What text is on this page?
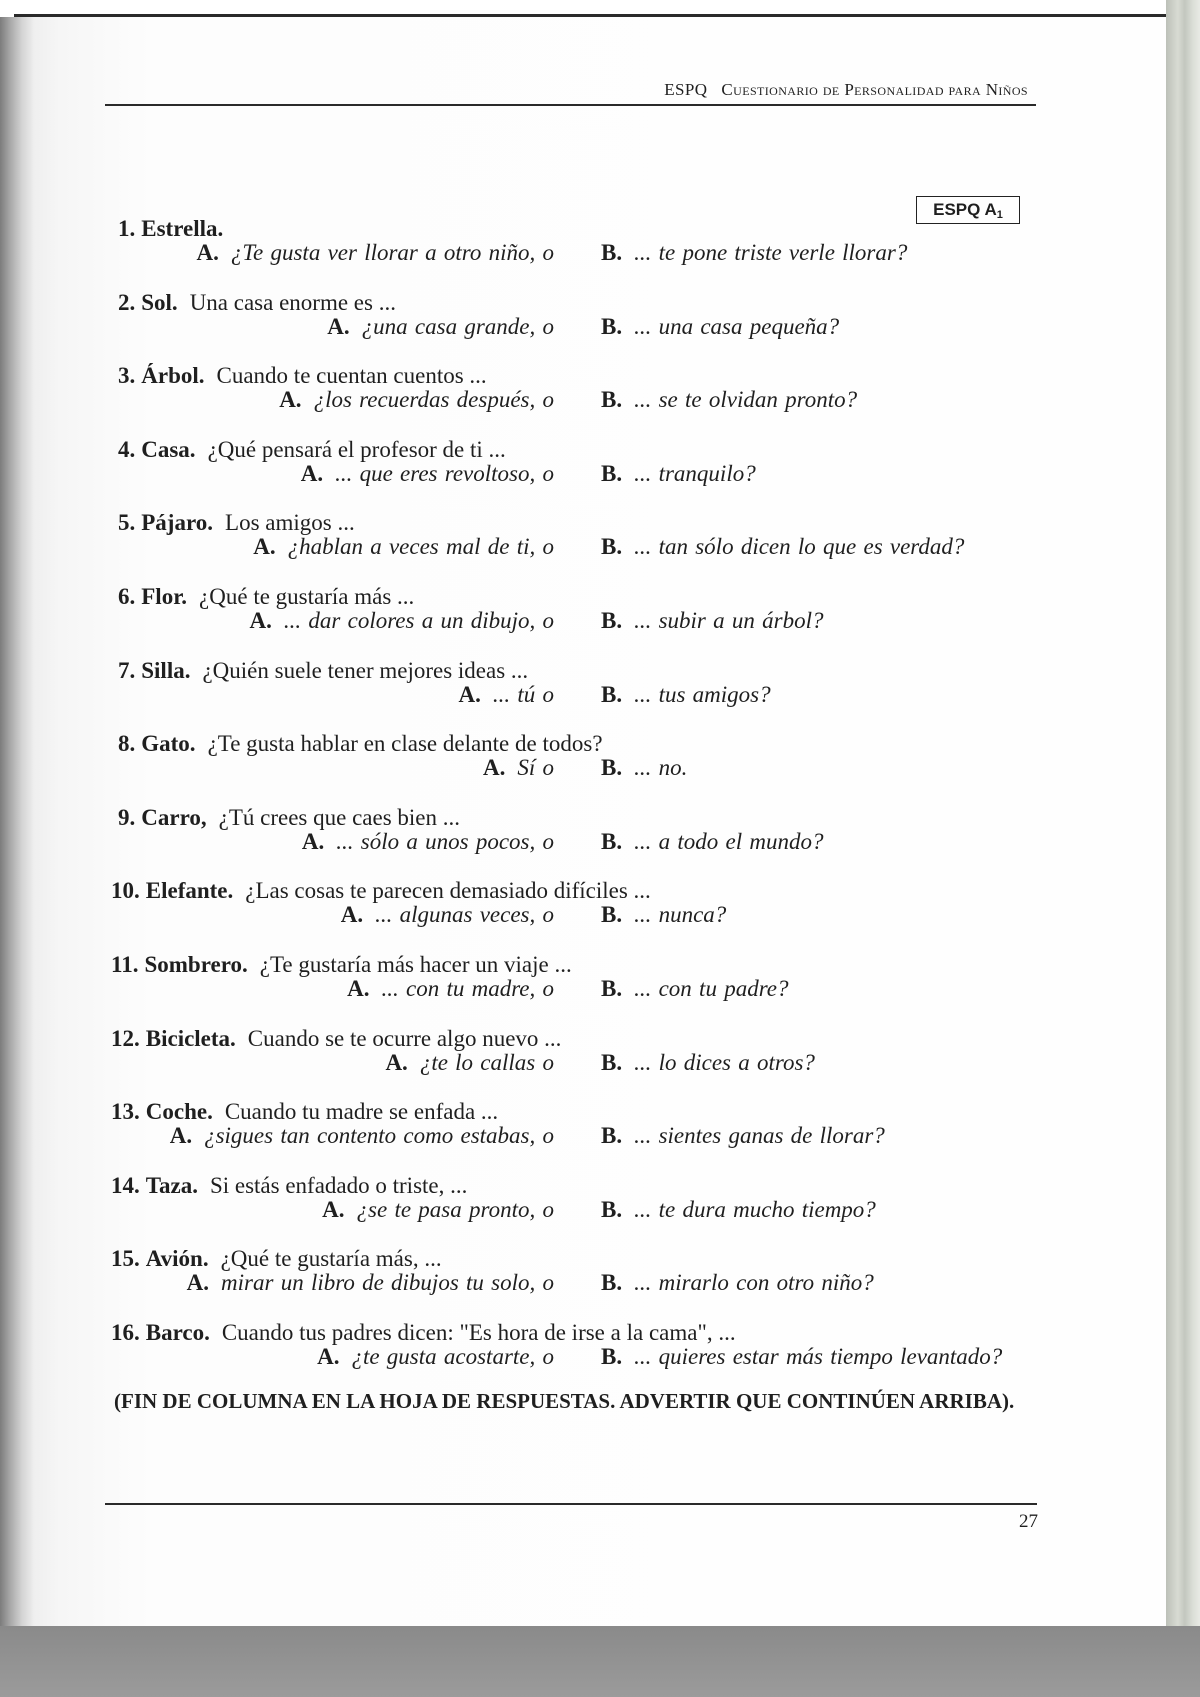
ESPQ Cuestionario de Personalidad para Niños
ESPQ $A_1$
1. Estrella.
A. ¿Te gusta ver llorar a otro niño, o B. ... te pone triste verle llorar?
2. Sol. Una casa enorme es ...
A. ¿una casa grande, o B. ... una casa pequeña?
3. Árbol. Cuando te cuentan cuentos ...
A. ¿los recuerdas después, o B. ... se te olvidan pronto?
4. Casa. ¿Qué pensará el profesor de ti ...
A. ... que eres revoltoso, o B. ... tranquilo?
5. Pájaro. Los amigos ...
A. ¿hablan a veces mal de ti, o B. ... tan sólo dicen lo que es verdad?
6. Flor. ¿Qué te gustaría más ...
A. ... dar colores a un dibujo, o B. ... subir a un árbol?
7. Silla. ¿Quién suele tener mejores ideas ...
A. ... tú o B. ... tus amigos?
8. Gato. ¿Te gusta hablar en clase delante de todos?
A. Sí o B. ... no.
9. Carro, ¿Tú crees que caes bien ...
A. ... sólo a unos pocos, o B. ... a todo el mundo?
10. Elefante. ¿Las cosas te parecen demasiado difíciles ...
A. ... algunas veces, o B. ... nunca?
11. Sombrero. ¿Te gustaría más hacer un viaje ...
A. ... con tu madre, o B. ... con tu padre?
12. Bicicleta. Cuando se te ocurre algo nuevo ...
A. ¿te lo callas o B. ... lo dices a otros?
13. Coche. Cuando tu madre se enfada ...
A. ¿sigues tan contento como estabas, o B. ... sientes ganas de llorar?
14. Taza. Si estás enfadado o triste, ...
A. ¿se te pasa pronto, o B. ... te dura mucho tiempo?
15. Avión. ¿Qué te gustaría más, ...
A. mirar un libro de dibujos tu solo, o B. ... mirarlo con otro niño?
16. Barco. Cuando tus padres dicen: "Es hora de irse a la cama", ...
A. ¿te gusta acostarte, o B. ... quieres estar más tiempo levantado?
(FIN DE COLUMNA EN LA HOJA DE RESPUESTAS. ADVERTIR QUE CONTINÚEN ARRIBA).
27
